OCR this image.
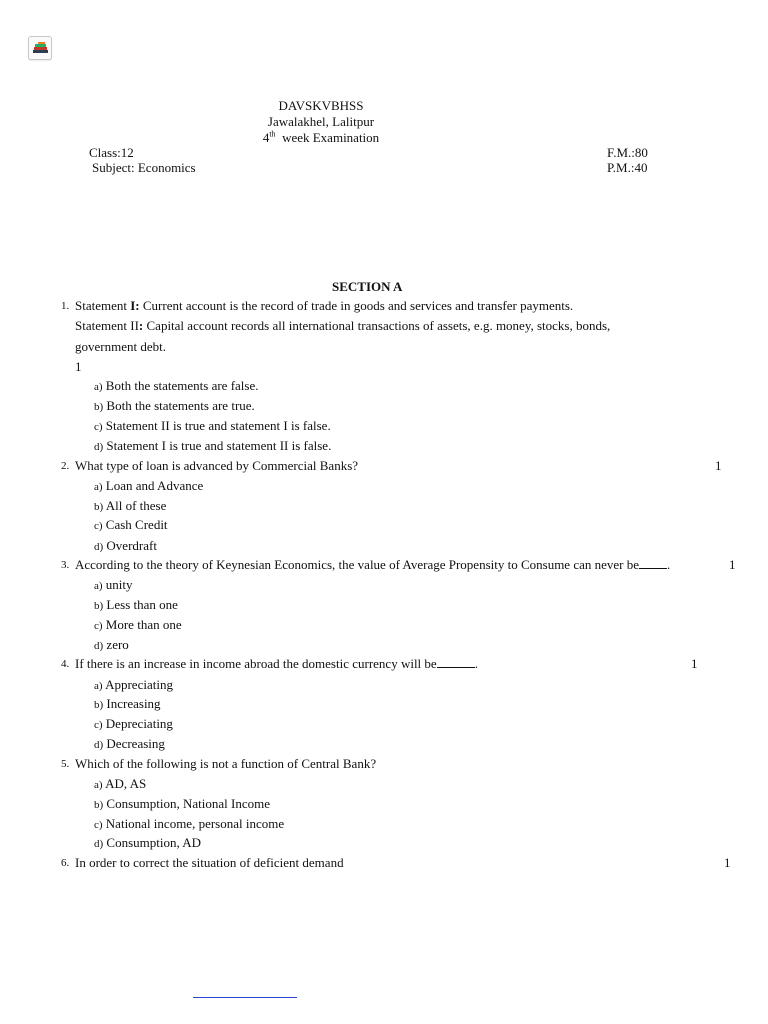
DAVSKVBHSS
Jawalakhel, Lalitpur
4th week Examination
Class:12
Subject: Economics
F.M.:80
P.M.:40
SECTION A
1. Statement I: Current account is the record of trade in goods and services and transfer payments.
Statement II: Capital account records all international transactions of assets, e.g. money, stocks, bonds,
government debt.
1
a) Both the statements are false.
b) Both the statements are true.
c) Statement II is true and statement I is false.
d) Statement I is true and statement II is false.
2. What type of loan is advanced by Commercial Banks?	1
a) Loan and Advance
b) All of these
c) Cash Credit
d) Overdraft
3. According to the theory of Keynesian Economics, the value of Average Propensity to Consume can never be .	1
a) unity
b) Less than one
c) More than one
d) zero
4. If there is an increase in income abroad the domestic currency will be	.	1
a) Appreciating
b) Increasing
c) Depreciating
d) Decreasing
5. Which of the following is not a function of Central Bank?
a) AD, AS
b) Consumption, National Income
c) National income, personal income
d) Consumption, AD
6. In order to correct the situation of deficient demand	1
